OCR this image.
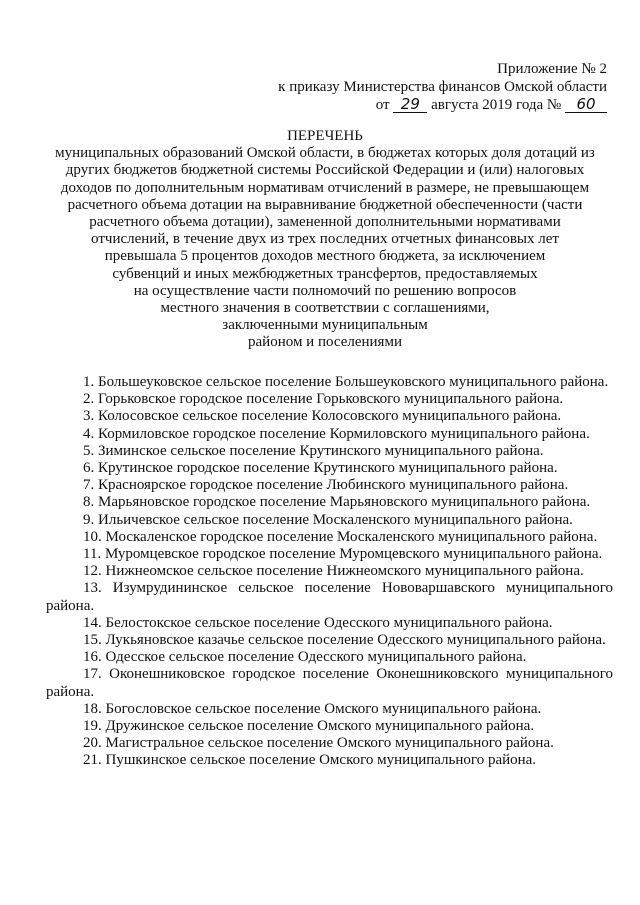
Приложение № 2
к приказу Министерства финансов Омской области
от 29 августа 2019 года № 60
ПЕРЕЧЕНЬ
муниципальных образований Омской области, в бюджетах которых доля дотаций из
других бюджетов бюджетной системы Российской Федерации и (или) налоговых
доходов по дополнительным нормативам отчислений в размере, не превышающем
расчетного объема дотации на выравнивание бюджетной обеспеченности (части
расчетного объема дотации), замененной дополнительными нормативами
отчислений, в течение двух из трех последних отчетных финансовых лет
превышала 5 процентов доходов местного бюджета, за исключением
субвенций и иных межбюджетных трансфертов, предоставляемых
на осуществление части полномочий по решению вопросов
местного значения в соответствии с соглашениями,
заключенными муниципальным
районом и поселениями

1. Большеуковское сельское поселение Большеуковского муниципального района.

2. Горьковское городское поселение Горьковского муниципального района.

3. Колосовское сельское поселение Колосовского муниципального района.

4. Кормиловское городское поселение Кормиловского муниципального района.

5. Зиминское сельское поселение Крутинского муниципального района.

6. Крутинское городское поселение Крутинского муниципального района.

7. Красноярское городское поселение Любинского муниципального района.

8. Марьяновское городское поселение Марьяновского муниципального района.

9. Ильичевское сельское поселение Москаленского муниципального района.

10. Москаленское городское поселение Москаленского муниципального района.

11. Муромцевское городское поселение Муромцевского муниципального района.

12. Нижнеомское сельское поселение Нижнеомского муниципального района.

13. Изумрудининское сельское поселение Нововаршавского муниципального района.

14. Белостокское сельское поселение Одесского муниципального района.

15. Лукьяновское казачье сельское поселение Одесского муниципального района.

16. Одесское сельское поселение Одесского муниципального района.

17. Оконешниковское городское поселение Оконешниковского муниципального района.

18. Богословское сельское поселение Омского муниципального района.

19. Дружинское сельское поселение Омского муниципального района.

20. Магистральное сельское поселение Омского муниципального района.

21. Пушкинское сельское поселение Омского муниципального района.
